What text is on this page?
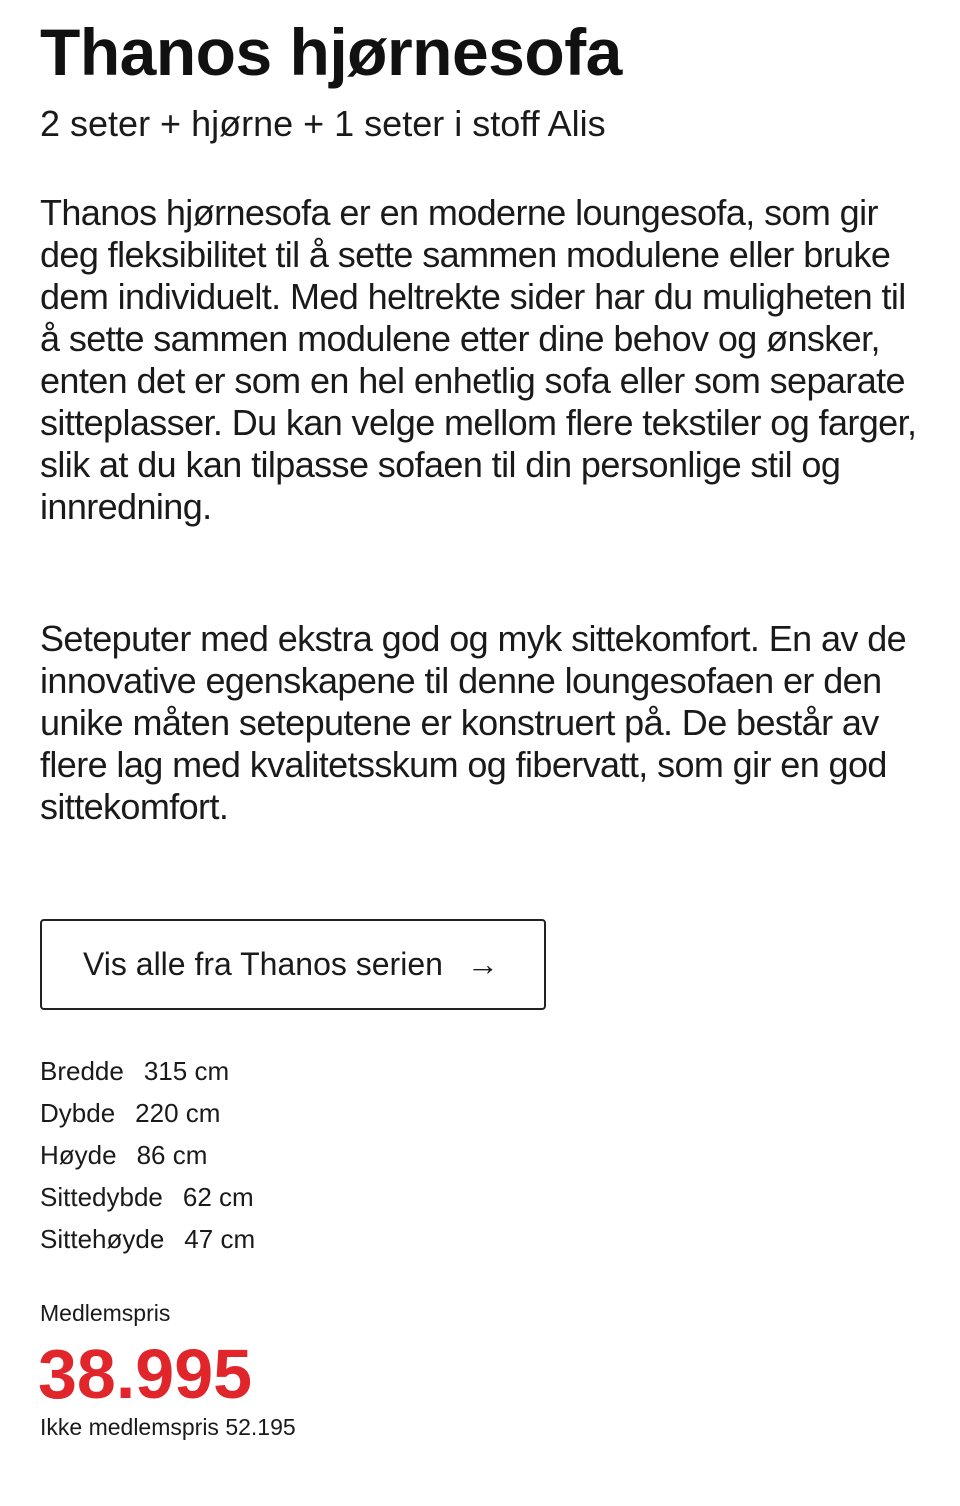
Thanos hjørnesofa

2 seter + hjørne + 1 seter i stoff Alis

Thanos hjørnesofa er en moderne loungesofa, som gir deg fleksibilitet til å sette sammen modulene eller bruke dem individuelt. Med heltrekte sider har du muligheten til å sette sammen modulene etter dine behov og ønsker, enten det er som en hel enhetlig sofa eller som separate sitteplasser. Du kan velge mellom flere tekstiler og farger, slik at du kan tilpasse sofaen til din personlige stil og innredning.

Seteputer med ekstra god og myk sittekomfort. En av de innovative egenskapene til denne loungesofaen er den unike måten seteputene er konstruert på. De består av flere lag med kvalitetsskum og fibervatt, som gir en god sittekomfort.

Vis alle fra Thanos serien →
Bredde 315 cm
Dybde 220 cm
Høyde 86 cm
Sittedybde 62 cm
Sittehøyde 47 cm
Medlemspris
38.995
Ikke medlemspris 52.195
